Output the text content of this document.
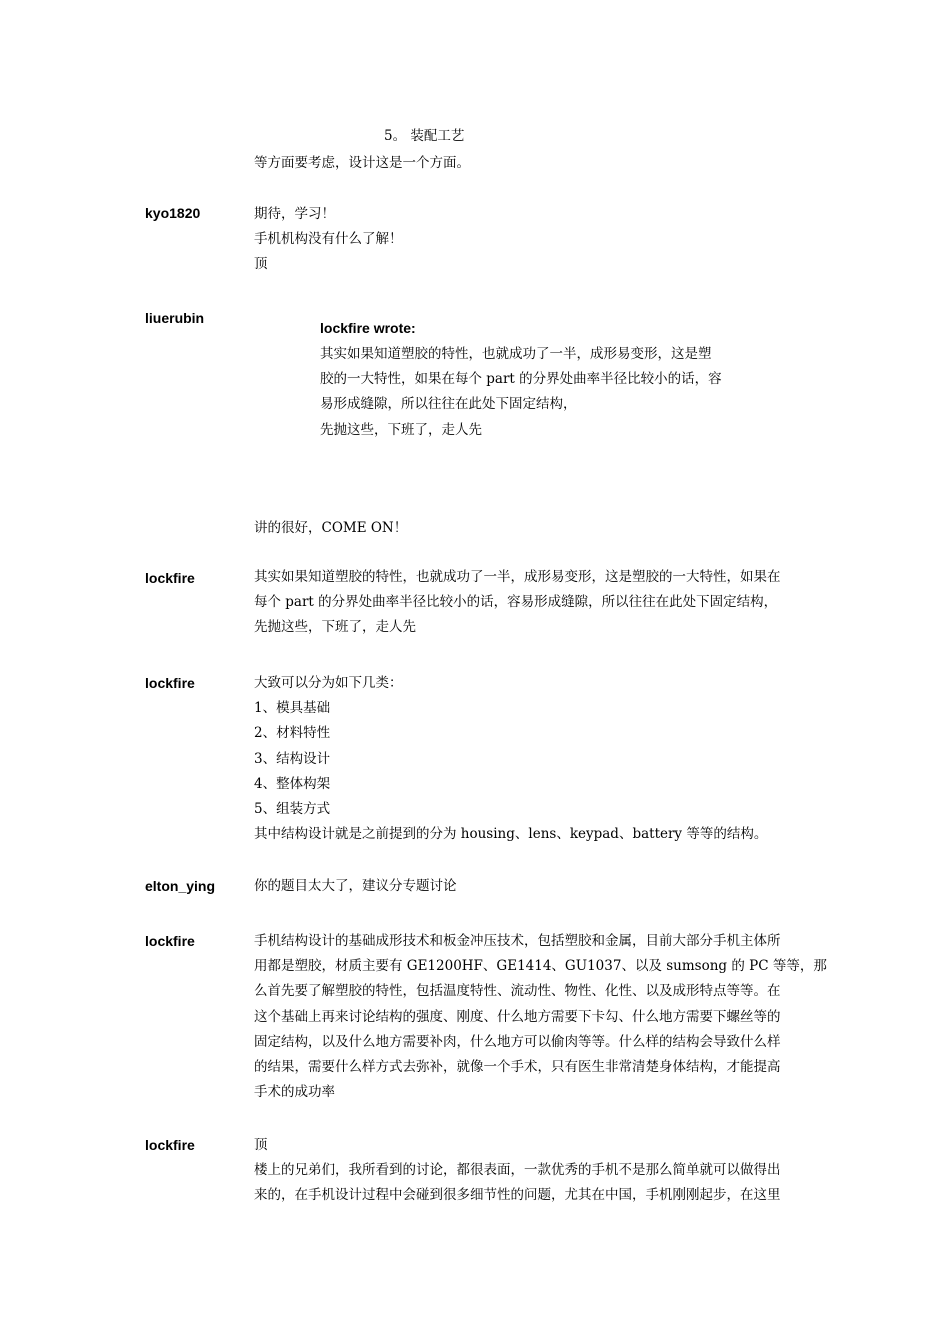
5。 装配工艺
等方面要考虑，设计这是一个方面。
kyo1820	期待，学习！
手机机构没有什么了解！
顶
liuerubin
lockfire wrote:
其实如果知道塑胶的特性，也就成功了一半，成形易变形，这是塑
胶的一大特性，如果在每个 part 的分界处曲率半径比较小的话，容
易形成缝隙，所以往往在此处下固定结构，
先抛这些，下班了，走人先
讲的很好，COME ON！
lockfire	其实如果知道塑胶的特性，也就成功了一半，成形易变形，这是塑胶的一大特性，如果在
每个 part 的分界处曲率半径比较小的话，容易形成缝隙，所以往往在此处下固定结构，
先抛这些，下班了，走人先
lockfire	大致可以分为如下几类：
1、模具基础
2、材料特性
3、结构设计
4、整体构架
5、组装方式
其中结构设计就是之前提到的分为 housing、lens、keypad、battery 等等的结构。
elton_ying	你的题目太大了，建议分专题讨论
lockfire	手机结构设计的基础成形技术和板金冲压技术，包括塑胶和金属，目前大部分手机主体所
用都是塑胶，材质主要有 GE1200HF、GE1414、GU1037、以及 sumsong 的 PC 等等，那
么首先要了解塑胶的特性，包括温度特性、流动性、物性、化性、以及成形特点等等。在
这个基础上再来讨论结构的强度、刚度、什么地方需要下卡勾、什么地方需要下螺丝等的
固定结构，以及什么地方需要补肉，什么地方可以偷肉等等。什么样的结构会导致什么样
的结果，需要什么样方式去弥补，就像一个手术，只有医生非常清楚身体结构，才能提高
手术的成功率
lockfire	顶
楼上的兄弟们，我所看到的讨论，都很表面，一款优秀的手机不是那么简单就可以做得出
来的，在手机设计过程中会碰到很多细节性的问题，尤其在中国，手机刚刚起步，在这里
